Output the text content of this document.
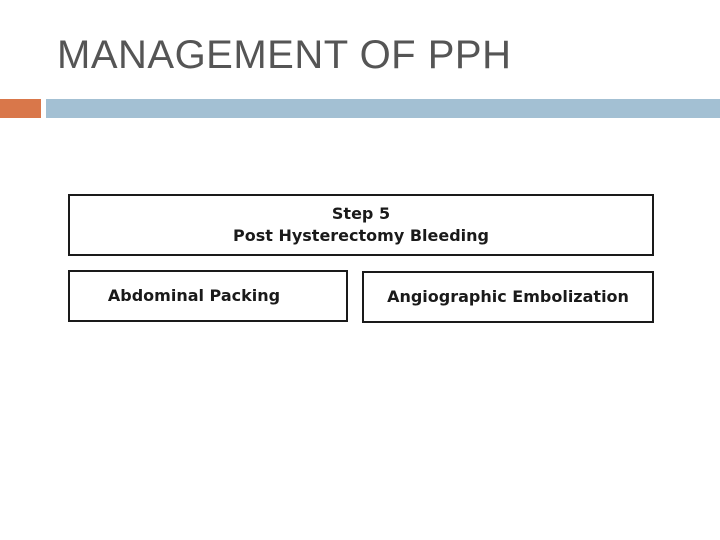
MANAGEMENT OF PPH
Step 5
Post Hysterectomy Bleeding
Abdominal Packing	Angiographic Embolization
